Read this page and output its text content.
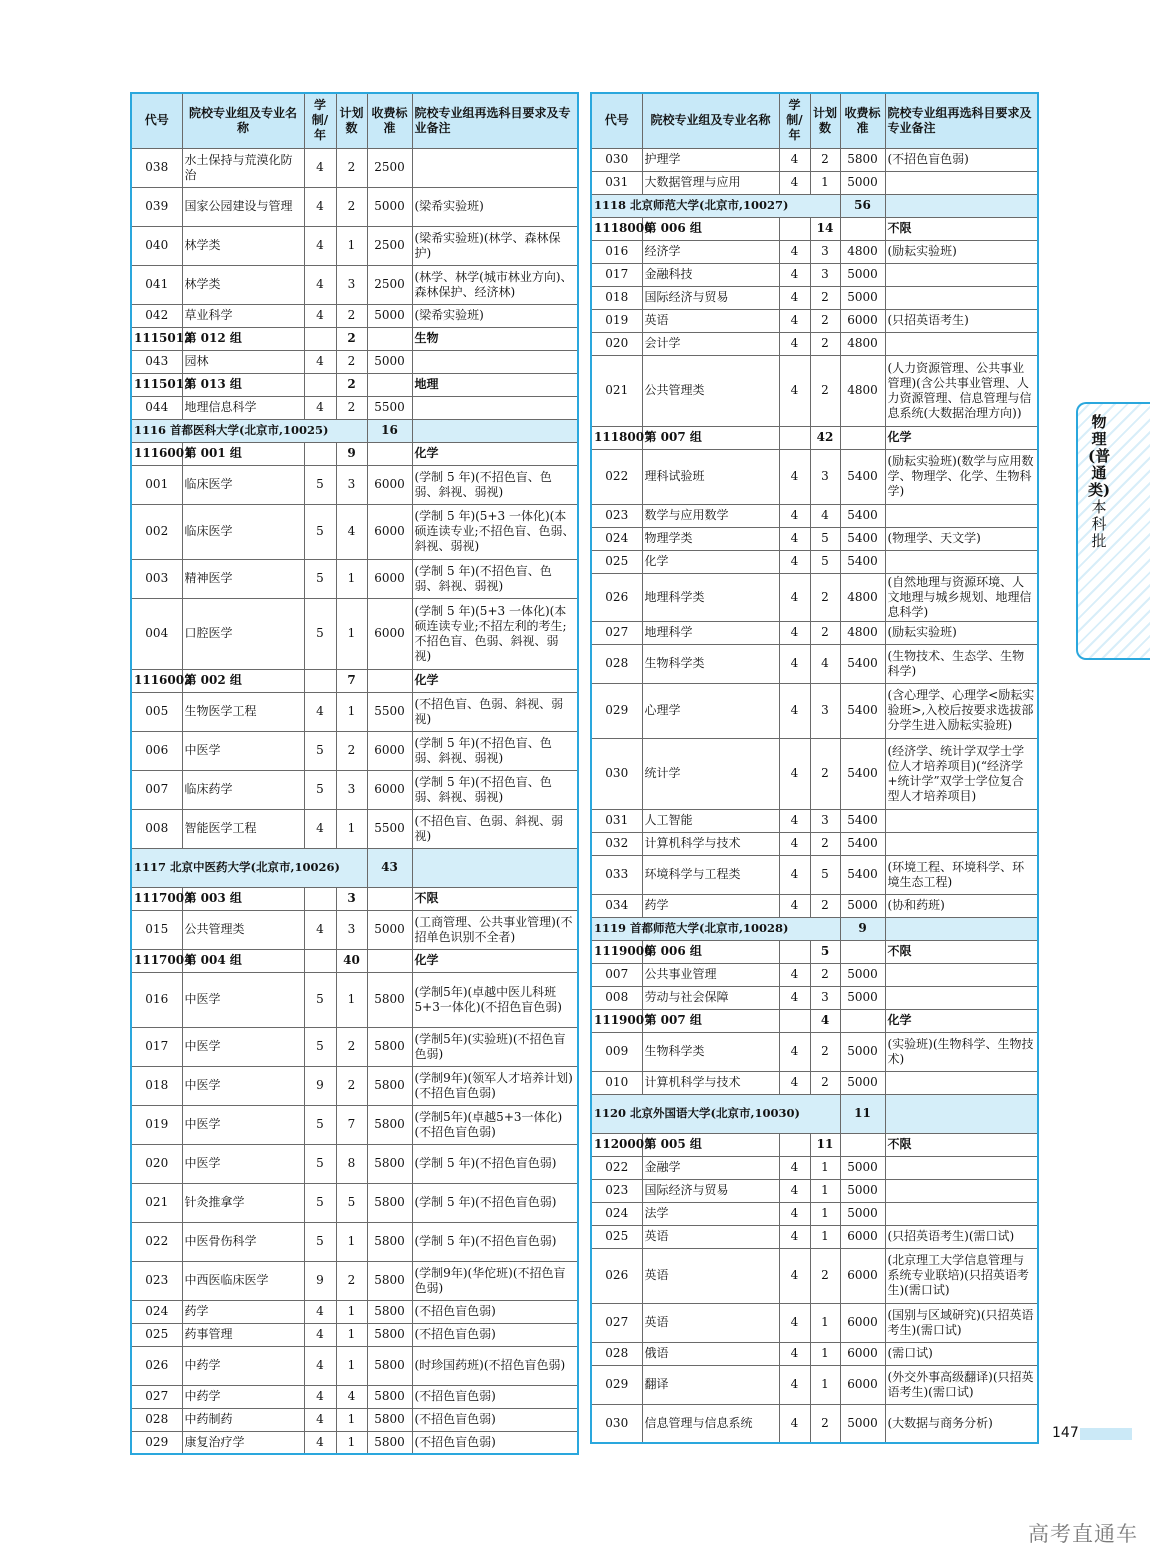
代号	院校专业组及专业名称	学制/年	计划数	收费标准	院校专业组再选科目要求及专业备注
038	水土保持与荒漠化防治	4	2	2500	
039	国家公园建设与管理	4	2	5000	(梁希实验班)
040	林学类	4	1	2500	(梁希实验班)(林学、森林保护)
041	林学类	4	3	2500	(林学、林学(城市林业方向)、森林保护、经济林)
042	草业科学	4	2	5000	(梁希实验班)
1115012	第 012 组		2		生物
043	园林	4	2	5000	
1115013	第 013 组		2		地理
044	地理信息科学	4	2	5500	
1116 首都医科大学(北京市,10025)				16	
1116001	第 001 组		9		化学
001	临床医学	5	3	6000	(学制 5 年)(不招色盲、色弱、斜视、弱视)
002	临床医学	5	4	6000	(学制 5 年)(5+3 一体化)(本硕连读专业;不招色盲、色弱、斜视、弱视)
003	精神医学	5	1	6000	(学制 5 年)(不招色盲、色弱、斜视、弱视)
004	口腔医学	5	1	6000	(学制 5 年)(5+3 一体化)(本硕连读专业;不招左利的考生;不招色盲、色弱、斜视、弱视)
1116002	第 002 组		7		化学
005	生物医学工程	4	1	5500	(不招色盲、色弱、斜视、弱视)
006	中医学	5	2	6000	(学制 5 年)(不招色盲、色弱、斜视、弱视)
007	临床药学	5	3	6000	(学制 5 年)(不招色盲、色弱、斜视、弱视)
008	智能医学工程	4	1	5500	(不招色盲、色弱、斜视、弱视)
1117 北京中医药大学(北京市,10026)				43	
1117003	第 003 组		3		不限
015	公共管理类	4	3	5000	(工商管理、公共事业管理)(不招单色识别不全者)
1117004	第 004 组		40		化学
016	中医学	5	1	5800	(学制5年)(卓越中医儿科班5+3一体化)(不招色盲色弱)
017	中医学	5	2	5800	(学制5年)(实验班)(不招色盲色弱)
018	中医学	9	2	5800	(学制9年)(领军人才培养计划)(不招色盲色弱)
019	中医学	5	7	5800	(学制5年)(卓越5+3一体化)(不招色盲色弱)
020	中医学	5	8	5800	(学制 5 年)(不招色盲色弱)
021	针灸推拿学	5	5	5800	(学制 5 年)(不招色盲色弱)
022	中医骨伤科学	5	1	5800	(学制 5 年)(不招色盲色弱)
023	中西医临床医学	9	2	5800	(学制9年)(华佗班)(不招色盲色弱)
024	药学	4	1	5800	(不招色盲色弱)
025	药事管理	4	1	5800	(不招色盲色弱)
026	中药学	4	1	5800	(时珍国药班)(不招色盲色弱)
027	中药学	4	4	5800	(不招色盲色弱)
028	中药制药	4	1	5800	(不招色盲色弱)
029	康复治疗学	4	1	5800	(不招色盲色弱)
代号	院校专业组及专业名称	学制/年	计划数	收费标准	院校专业组再选科目要求及专业备注
030	护理学	4	2	5800	(不招色盲色弱)
031	大数据管理与应用	4	1	5000	
1118 北京师范大学(北京市,10027)				56	
1118006	第 006 组		14		不限
016	经济学	4	3	4800	(励耘实验班)
017	金融科技	4	3	5000	
018	国际经济与贸易	4	2	5000	
019	英语	4	2	6000	(只招英语考生)
020	会计学	4	2	4800	
021	公共管理类	4	2	4800	(人力资源管理、公共事业管理)(含公共事业管理、人力资源管理、信息管理与信息系统(大数据治理方向))
1118007	第 007 组		42		化学
022	理科试验班	4	3	5400	(励耘实验班)(数学与应用数学、物理学、化学、生物科学)
023	数学与应用数学	4	4	5400	
024	物理学类	4	5	5400	(物理学、天文学)
025	化学	4	5	5400	
026	地理科学类	4	2	4800	(自然地理与资源环境、人文地理与城乡规划、地理信息科学)
027	地理科学	4	2	4800	(励耘实验班)
028	生物科学类	4	4	5400	(生物技术、生态学、生物科学)
029	心理学	4	3	5400	(含心理学、心理学<励耘实验班>,入校后按要求选拔部分学生进入励耘实验班)
030	统计学	4	2	5400	(经济学、统计学双学士学位人才培养项目)(“经济学+统计学”双学士学位复合型人才培养项目)
031	人工智能	4	3	5400	
032	计算机科学与技术	4	2	5400	
033	环境科学与工程类	4	5	5400	(环境工程、环境科学、环境生态工程)
034	药学	4	2	5000	(协和药班)
1119 首都师范大学(北京市,10028)				9	
1119006	第 006 组		5		不限
007	公共事业管理	4	2	5000	
008	劳动与社会保障	4	3	5000	
1119007	第 007 组		4		化学
009	生物科学类	4	2	5000	(实验班)(生物科学、生物技术)
010	计算机科学与技术	4	2	5000	
1120 北京外国语大学(北京市,10030)				11	
1120005	第 005 组		11		不限
022	金融学	4	1	5000	
023	国际经济与贸易	4	1	5000	
024	法学	4	1	5000	
025	英语	4	1	6000	(只招英语考生)(需口试)
026	英语	4	2	6000	(北京理工大学信息管理与系统专业联培)(只招英语考生)(需口试)
027	英语	4	1	6000	(国别与区域研究)(只招英语考生)(需口试)
028	俄语	4	1	6000	(需口试)
029	翻译	4	1	6000	(外交外事高级翻译)(只招英语考生)(需口试)
030	信息管理与信息系统	4	2	5000	(大数据与商务分析)
物理(普通类)
本科批
147
高考直通车
